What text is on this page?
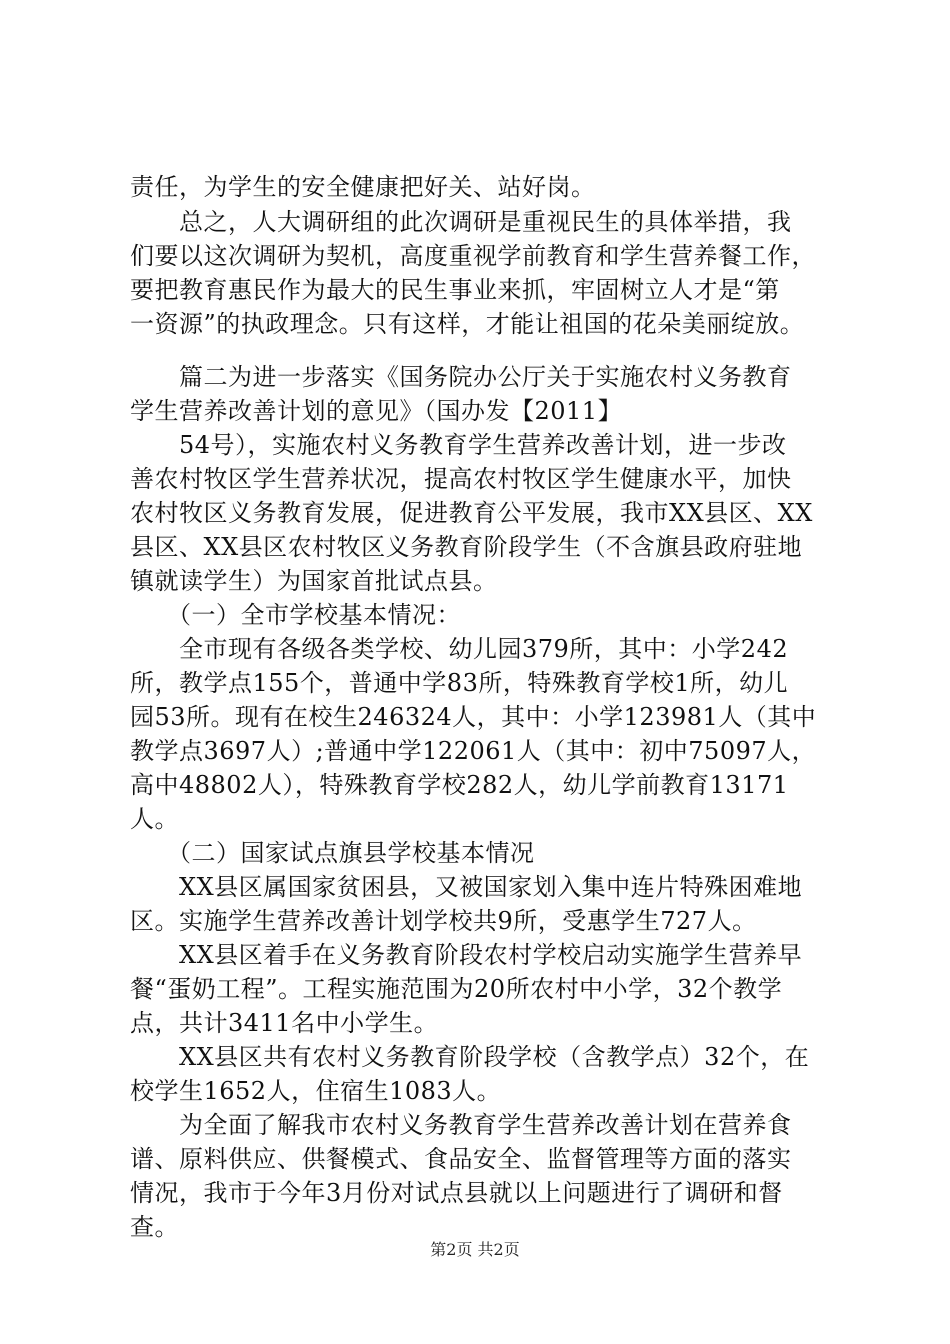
责任，为学生的安全健康把好关、站好岗。
　　总之，人大调研组的此次调研是重视民生的具体举措，我
们要以这次调研为契机，高度重视学前教育和学生营养餐工作，
要把教育惠民作为最大的民生事业来抓，牢固树立人才是“第
一资源”的执政理念。只有这样，才能让祖国的花朵美丽绽放。
　　篇二为进一步落实《国务院办公厅关于实施农村义务教育
学生营养改善计划的意见》（国办发【2011】
　　54号），实施农村义务教育学生营养改善计划，进一步改
善农村牧区学生营养状况，提高农村牧区学生健康水平，加快
农村牧区义务教育发展，促进教育公平发展，我市XX县区、XX
县区、XX县区农村牧区义务教育阶段学生（不含旗县政府驻地
镇就读学生）为国家首批试点县。
　　（一）全市学校基本情况：
　　全市现有各级各类学校、幼儿园379所，其中：小学242
所，教学点155个，普通中学83所，特殊教育学校1所，幼儿
园53所。现有在校生246324人，其中：小学123981人（其中
教学点3697人）;普通中学122061人（其中：初中75097人，
高中48802人），特殊教育学校282人，幼儿学前教育13171
人。
　　（二）国家试点旗县学校基本情况
　　XX县区属国家贫困县，又被国家划入集中连片特殊困难地
区。实施学生营养改善计划学校共9所，受惠学生727人。
　　XX县区着手在义务教育阶段农村学校启动实施学生营养早
餐“蛋奶工程”。工程实施范围为20所农村中小学，32个教学
点，共计3411名中小学生。
　　XX县区共有农村义务教育阶段学校（含教学点）32个，在
校学生1652人，住宿生1083人。
　　为全面了解我市农村义务教育学生营养改善计划在营养食
谱、原料供应、供餐模式、食品安全、监督管理等方面的落实
情况，我市于今年3月份对试点县就以上问题进行了调研和督
查。
第2页 共2页
